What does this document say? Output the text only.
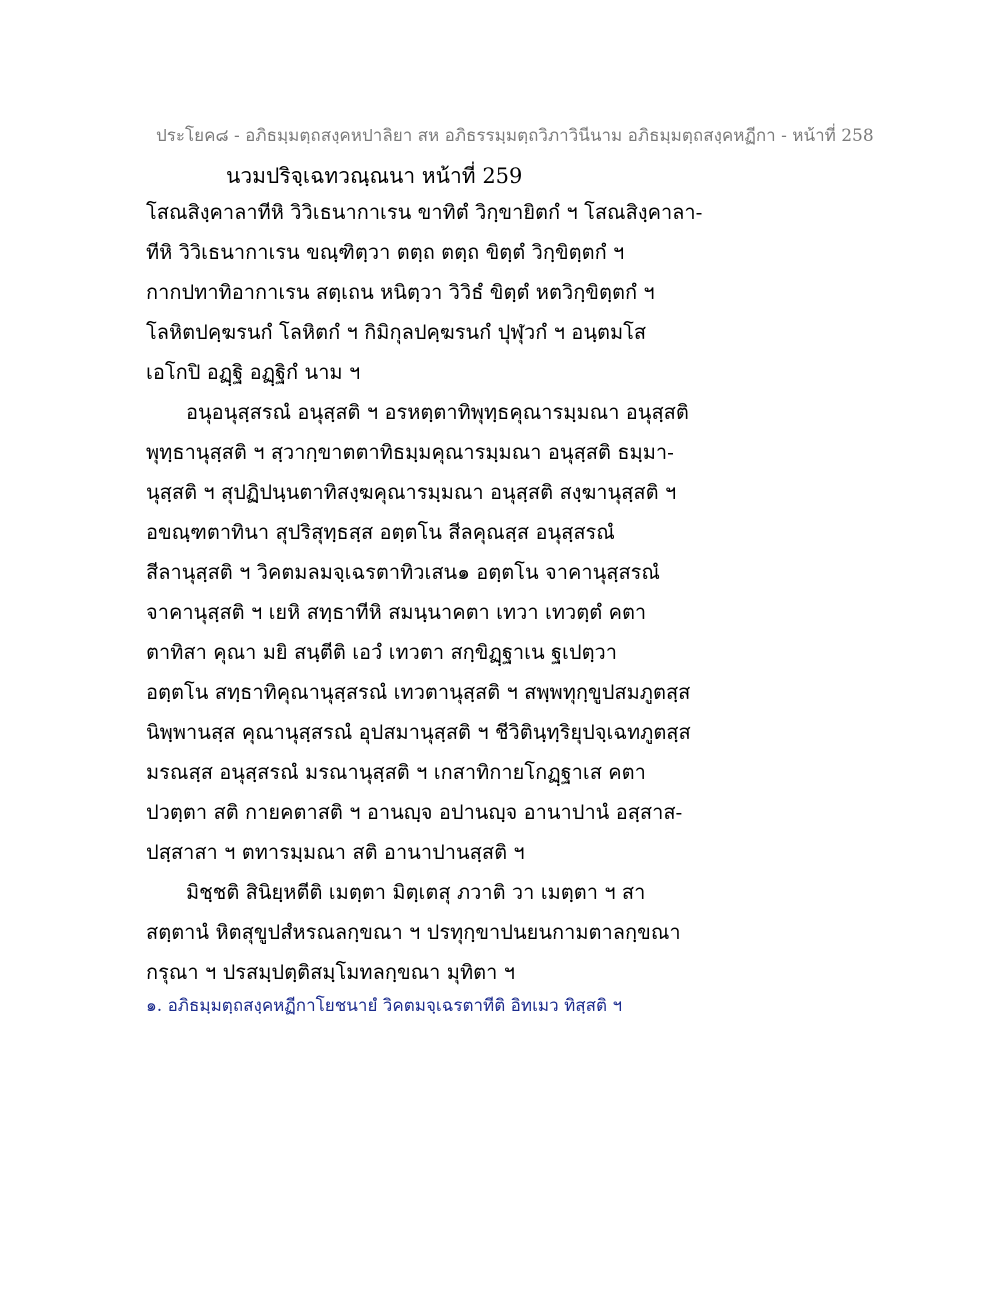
ประโยค๘ - อภิธมฺมตฺถสงฺคหปาลิยา สห อภิธรรมฺมตฺถวิภาวินีนาม อภิธมฺมตฺถสงฺคหฏีกา - หน้าที่ 258
นวมปริจฺเฉทวณฺณนา หน้าที่ 259
โสณสิงฺคาลาทีหิ วิวิเธนากาเรน ขาทิตํ วิกฺขายิตกํ ฯ โสณสิงฺคาลา-
ทีหิ วิวิเธนากาเรน ขณฺฑิตฺวา ตตฺถ ตตฺถ ขิตฺตํ วิกฺขิตฺตกํ ฯ
กากปทาทิอากาเรน สตฺเถน หนิตฺวา วิวิธํ ขิตฺตํ หตวิกฺขิตฺตกํ ฯ
โลหิตปคฺฆรนกํ โลหิตกํ ฯ กิมิกุลปคฺฆรนกํ ปุฬุวกํ ฯ อนฺตมโส
เอโกปิ อฏฺฐิ อฏฺฐิกํ นาม ฯ
อนุอนุสฺสรณํ อนุสฺสติ ฯ อรหตฺตาทิพุทฺธคุณารมฺมณา อนุสฺสติ
พุทฺธานุสฺสติ ฯ สฺวากฺขาตตาทิธมฺมคุณารมฺมณา อนุสฺสติ ธมฺมา-
นุสฺสติ ฯ สุปฏิปนฺนตาทิสงฺฆคุณารมฺมณา อนุสฺสติ สงฺฆานุสฺสติ ฯ
อขณฺฑตาทินา สุปริสุทฺธสฺส อตฺตโน สีลคุณสฺส อนุสฺสรณํ
สีลานุสฺสติ ฯ วิคตมลมจฺเฉรตาทิวเสน๑ อตฺตโน จาคานุสฺสรณํ
จาคานุสฺสติ ฯ เยหิ สทฺธาทีหิ สมนฺนาคตา เทวา เทวตฺตํ คตา
ตาทิสา คุณา มยิ สนฺตีติ เอวํ เทวตา สกฺขิฏฺฐาเน ฐเปตฺวา
อตฺตโน สทฺธาทิคุณานุสฺสรณํ เทวตานุสฺสติ ฯ สพฺพทุกฺขูปสมภูตสฺส
นิพฺพานสฺส คุณานุสฺสรณํ อุปสมานุสฺสติ ฯ ชีวิตินฺทฺริยุปจฺเฉทภูตสฺส
มรณสฺส อนุสฺสรณํ มรณานุสฺสติ ฯ เกสาทิกายโกฏฺฐาเส คตา
ปวตฺตา สติ กายคตาสติ ฯ อานญฺจ อปานญฺจ อานาปานํ อสฺสาส-
ปสฺสาสา ฯ ตทารมฺมณา สติ อานาปานสฺสติ ฯ
มิชฺชติ สินิยฺหตีติ เมตฺตา มิตฺเตสุ ภวาติ วา เมตฺตา ฯ สา
สตฺตานํ หิตสุขูปสํหรณลกฺขณา ฯ ปรทุกฺขาปนยนกามตาลกฺขณา
กรุณา ฯ ปรสมฺปตฺติสมฺโมทลกฺขณา มุทิตา ฯ
๑. อภิธมฺมตฺถสงฺคหฏีกาโยชนายํ วิคตมจฺเฉรตาทีติ อิทเมว ทิสฺสติ ฯ
